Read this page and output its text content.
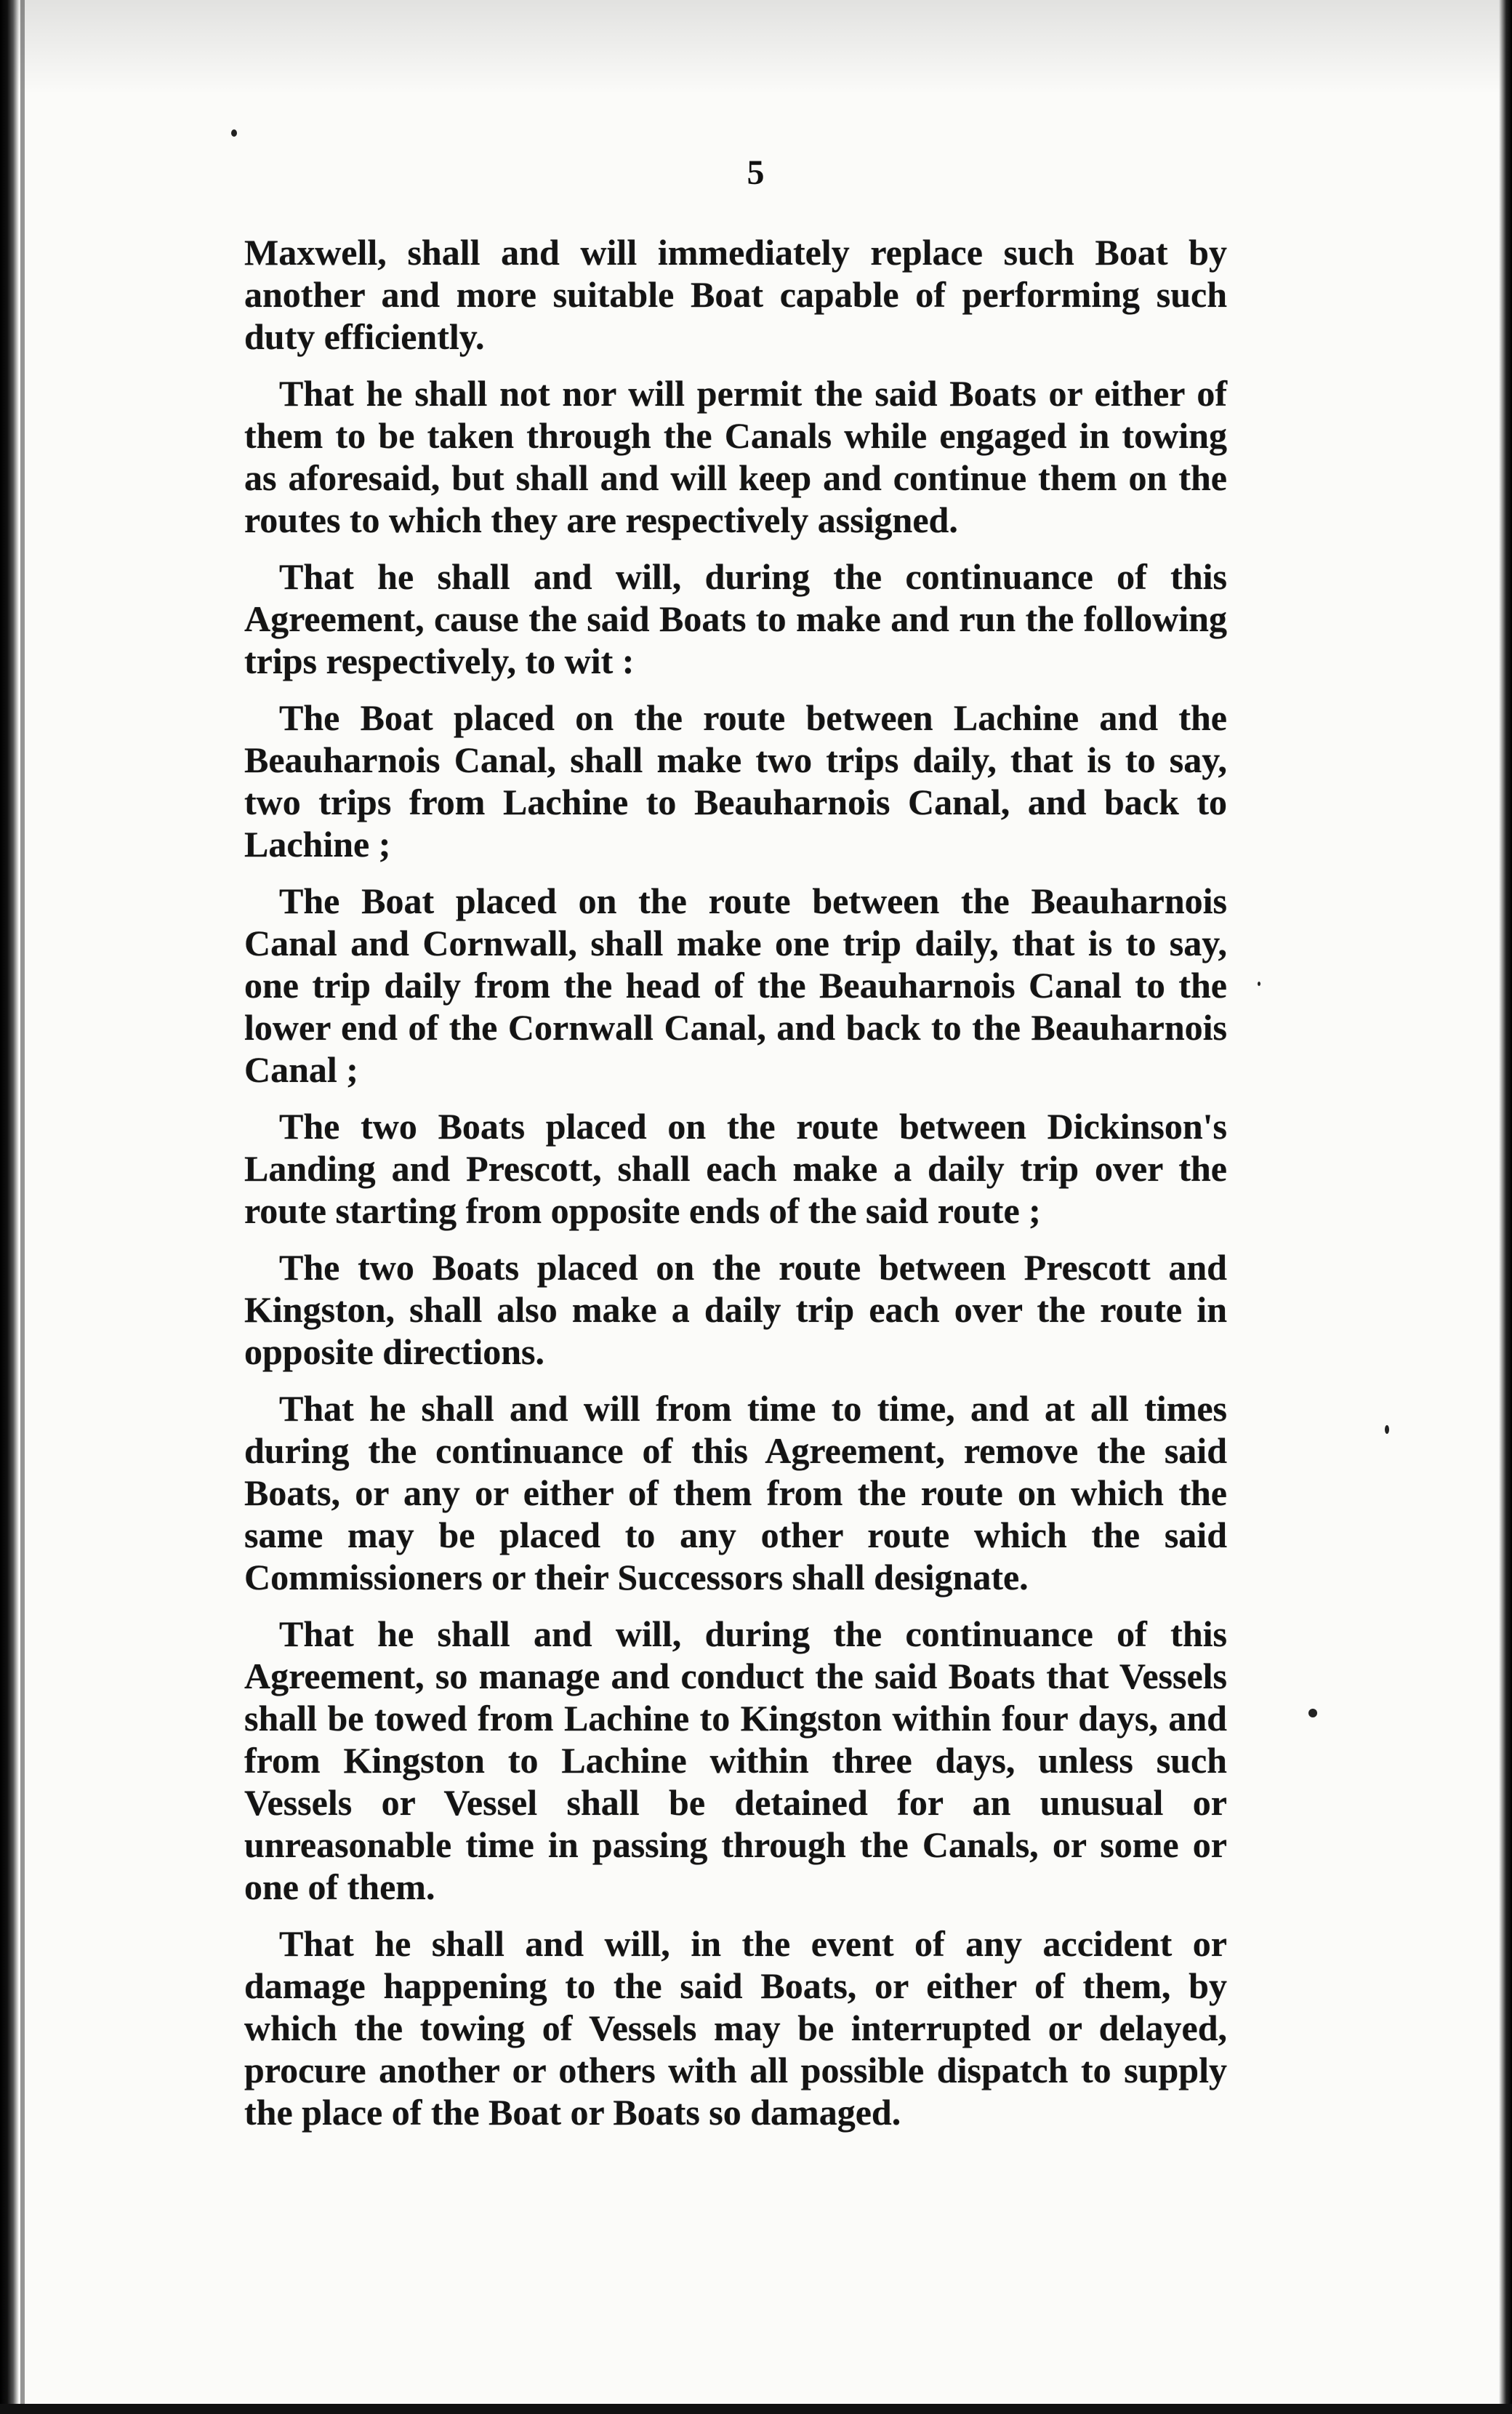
5

Maxwell, shall and will immediately replace such Boat by another and more suitable Boat capable of performing such duty efficiently.

That he shall not nor will permit the said Boats or either of them to be taken through the Canals while engaged in towing as aforesaid, but shall and will keep and continue them on the routes to which they are respectively assigned.

That he shall and will, during the continuance of this Agreement, cause the said Boats to make and run the following trips respectively, to wit :

The Boat placed on the route between Lachine and the Beauharnois Canal, shall make two trips daily, that is to say, two trips from Lachine to Beauharnois Canal, and back to Lachine ;

The Boat placed on the route between the Beauharnois Canal and Cornwall, shall make one trip daily, that is to say, one trip daily from the head of the Beauharnois Canal to the lower end of the Cornwall Canal, and back to the Beauharnois Canal ;

The two Boats placed on the route between Dickinson's Landing and Prescott, shall each make a daily trip over the route starting from opposite ends of the said route ;

The two Boats placed on the route between Prescott and Kingston, shall also make a daily trip each over the route in opposite directions.

That he shall and will from time to time, and at all times during the continuance of this Agreement, remove the said Boats, or any or either of them from the route on which the same may be placed to any other route which the said Commissioners or their Successors shall designate.

That he shall and will, during the continuance of this Agreement, so manage and conduct the said Boats that Vessels shall be towed from Lachine to Kingston within four days, and from Kingston to Lachine within three days, unless such Vessels or Vessel shall be detained for an unusual or unreasonable time in passing through the Canals, or some or one of them.

That he shall and will, in the event of any accident or damage happening to the said Boats, or either of them, by which the towing of Vessels may be interrupted or delayed, procure another or others with all possible dispatch to supply the place of the Boat or Boats so damaged.
